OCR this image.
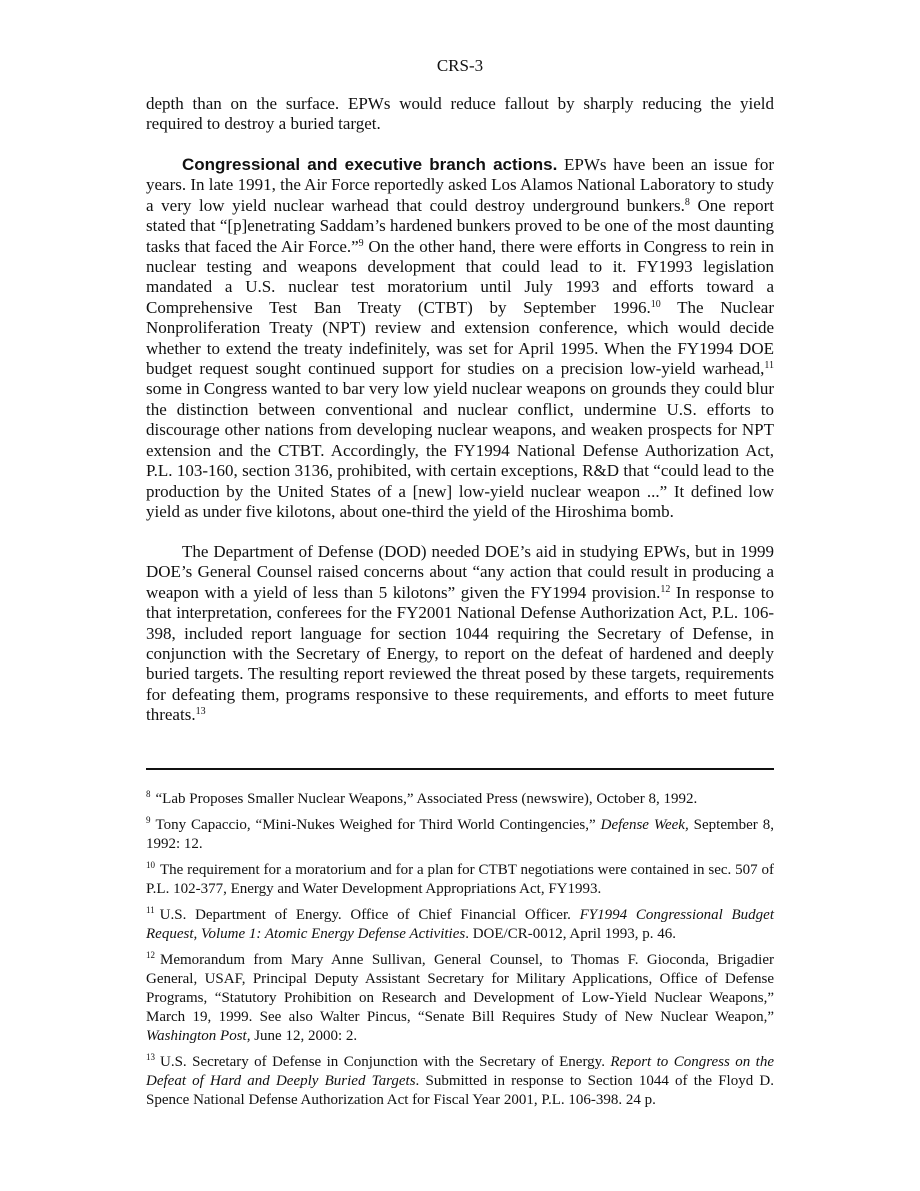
CRS-3

depth than on the surface. EPWs would reduce fallout by sharply reducing the yield required to destroy a buried target.

Congressional and executive branch actions. EPWs have been an issue for years. In late 1991, the Air Force reportedly asked Los Alamos National Laboratory to study a very low yield nuclear warhead that could destroy underground bunkers.$^8$ One report stated that “[p]enetrating Saddam’s hardened bunkers proved to be one of the most daunting tasks that faced the Air Force.”$^9$ On the other hand, there were efforts in Congress to rein in nuclear testing and weapons development that could lead to it. FY1993 legislation mandated a U.S. nuclear test moratorium until July 1993 and efforts toward a Comprehensive Test Ban Treaty (CTBT) by September 1996.10 The Nuclear Nonproliferation Treaty (NPT) review and extension conference, which would decide whether to extend the treaty indefinitely, was set for April 1995. When the FY1994 DOE budget request sought continued support for studies on a precision low-yield warhead,$^{11}$ some in Congress wanted to bar very low yield nuclear weapons on grounds they could blur the distinction between conventional and nuclear conflict, undermine U.S. efforts to discourage other nations from developing nuclear weapons, and weaken prospects for NPT extension and the CTBT. Accordingly, the FY1994 National Defense Authorization Act, P.L. 103-160, section 3136, prohibited, with certain exceptions, R&D that “could lead to the production by the United States of a [new] low-yield nuclear weapon ...” It defined low yield as under five kilotons, about one-third the yield of the Hiroshima bomb.

The Department of Defense (DOD) needed DOE’s aid in studying EPWs, but in 1999 DOE’s General Counsel raised concerns about “any action that could result in producing a weapon with a yield of less than 5 kilotons” given the FY1994 provision.$^{12}$ In response to that interpretation, conferees for the FY2001 National Defense Authorization Act, P.L. 106-398, included report language for section 1044 requiring the Secretary of Defense, in conjunction with the Secretary of Energy, to report on the defeat of hardened and deeply buried targets. The resulting report reviewed the threat posed by these targets, requirements for defeating them, programs responsive to these requirements, and efforts to meet future threats.$^{13}$

$^8$ “Lab Proposes Smaller Nuclear Weapons,” Associated Press (newswire), October 8, 1992.

$^9$ Tony Capaccio, “Mini-Nukes Weighed for Third World Contingencies,” Defense Week, September 8, 1992: 12.

$^{10}$ The requirement for a moratorium and for a plan for CTBT negotiations were contained in sec. 507 of P.L. 102-377, Energy and Water Development Appropriations Act, FY1993.

$^{11}$ U.S. Department of Energy. Office of Chief Financial Officer. FY1994 Congressional Budget Request, Volume 1: Atomic Energy Defense Activities. DOE/CR-0012, April 1993, p. 46.

$^{12}$ Memorandum from Mary Anne Sullivan, General Counsel, to Thomas F. Gioconda, Brigadier General, USAF, Principal Deputy Assistant Secretary for Military Applications, Office of Defense Programs, “Statutory Prohibition on Research and Development of Low-Yield Nuclear Weapons,” March 19, 1999. See also Walter Pincus, “Senate Bill Requires Study of New Nuclear Weapon,” Washington Post, June 12, 2000: 2.

$^{13}$ U.S. Secretary of Defense in Conjunction with the Secretary of Energy. Report to Congress on the Defeat of Hard and Deeply Buried Targets. Submitted in response to Section 1044 of the Floyd D. Spence National Defense Authorization Act for Fiscal Year 2001, P.L. 106-398. 24 p.
